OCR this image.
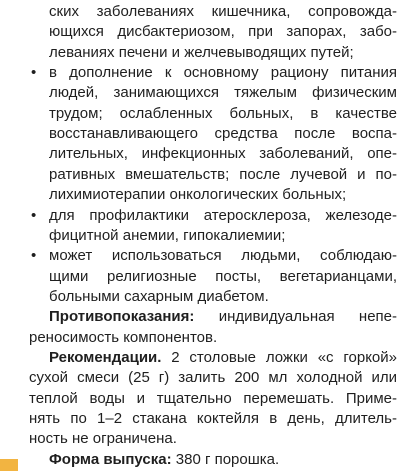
ских заболеваниях кишечника, сопровожда-
ющихся дисбактериозом, при запорах, забо-
леваниях печени и желчевыводящих путей;
в дополнение к основному рациону питания
•
людей, занимающихся тяжелым физическим
трудом; ослабленных больных, в качестве
восстанавливающего средства после воспа-
лительных, инфекционных заболеваний, опе-
ративных вмешательств; после лучевой и по-
лихимиотерапии онкологических больных;
для профилактики атеросклероза, железоде-
•
фицитной анемии, гипокалиемии;
может использоваться людьми, соблюдаю-
•
щими религиозные посты, вегетарианцами,
больными сахарным диабетом.
Противопоказания: индивидуальная непе-
реносимость компонентов.
Рекомендации. 2 столовые ложки «с горкой»
сухой смеси (25 г) залить 200 мл холодной или
теплой воды и тщательно перемешать. Приме-
нять по 1–2 стакана коктейля в день, длитель-
ность не ограничена.
Форма выпуска: 380 г порошка.
